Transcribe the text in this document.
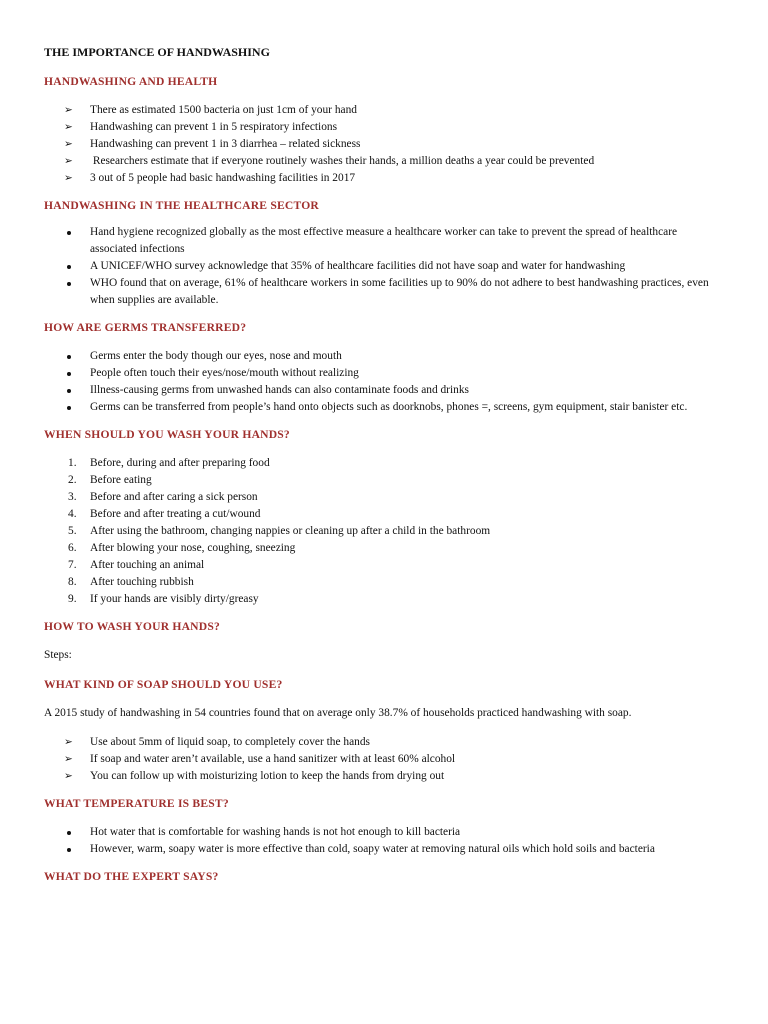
THE IMPORTANCE OF HANDWASHING
HANDWASHING AND HEALTH
➢ There as estimated 1500 bacteria on just 1cm of your hand
➢ Handwashing can prevent 1 in 5 respiratory infections
➢ Handwashing can prevent 1 in 3 diarrhea – related sickness
➢  Researchers estimate that if everyone routinely washes their hands, a million deaths a year could be prevented
➢ 3 out of 5 people had basic handwashing facilities in 2017
HANDWASHING IN THE HEALTHCARE SECTOR
Hand hygiene recognized globally as the most effective measure a healthcare worker can take to prevent the spread of healthcare associated infections
A UNICEF/WHO survey acknowledge that 35% of healthcare facilities did not have soap and water for handwashing
WHO found that on average, 61% of healthcare workers in some facilities up to 90% do not adhere to best handwashing practices, even when supplies are available.
HOW ARE GERMS TRANSFERRED?
Germs enter the body though our eyes, nose and mouth
People often touch their eyes/nose/mouth without realizing
Illness-causing germs from unwashed hands can also contaminate foods and drinks
Germs can be transferred from people’s hand onto objects such as doorknobs, phones =, screens, gym equipment, stair banister etc.
WHEN SHOULD YOU WASH YOUR HANDS?
1. Before, during and after preparing food
2. Before eating
3. Before and after caring a sick person
4. Before and after treating a cut/wound
5. After using the bathroom, changing nappies or cleaning up after a child in the bathroom
6. After blowing your nose, coughing, sneezing
7. After touching an animal
8. After touching rubbish
9. If your hands are visibly dirty/greasy
HOW TO WASH YOUR HANDS?
Steps:
WHAT KIND OF SOAP SHOULD YOU USE?
A 2015 study of handwashing in 54 countries found that on average only 38.7% of households practiced handwashing with soap.
➢ Use about 5mm of liquid soap, to completely cover the hands
➢ If soap and water aren’t available, use a hand sanitizer with at least 60% alcohol
➢ You can follow up with moisturizing lotion to keep the hands from drying out
WHAT TEMPERATURE IS BEST?
Hot water that is comfortable for washing hands is not hot enough to kill bacteria
However, warm, soapy water is more effective than cold, soapy water at removing natural oils which hold soils and bacteria
WHAT DO THE EXPERT SAYS?
